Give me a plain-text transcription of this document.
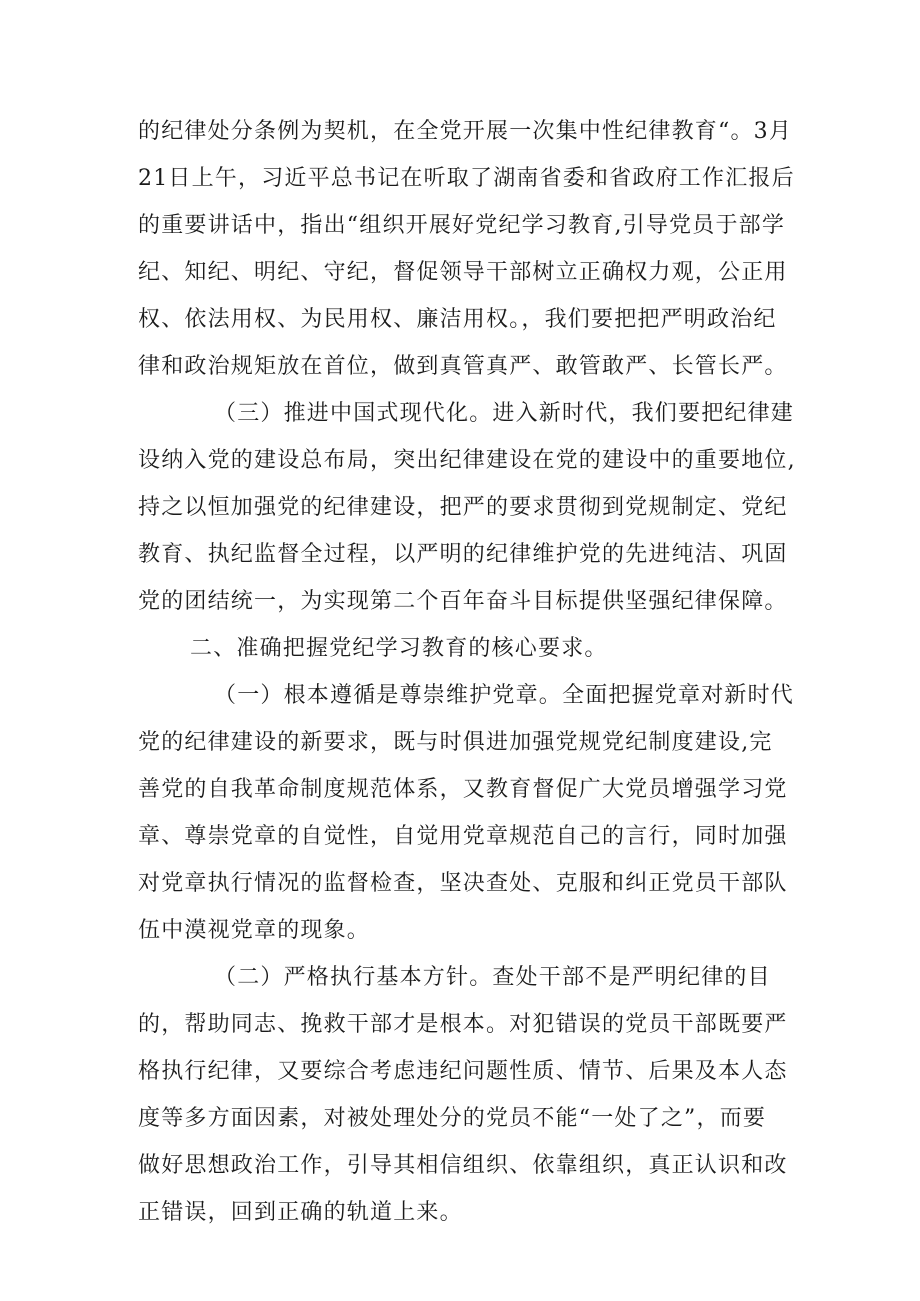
的纪律处分条例为契机，在全党开展一次集中性纪律教育“。3月
21日上午，习近平总书记在听取了湖南省委和省政府工作汇报后
的重要讲话中，指出“组织开展好党纪学习教育,引导党员于部学
纪、知纪、明纪、守纪，督促领导干部树立正确权力观，公正用
权、依法用权、为民用权、廉洁用权。，我们要把把严明政治纪
律和政治规矩放在首位，做到真管真严、敢管敢严、长管长严。
（三）推进中国式现代化。进入新时代，我们要把纪律建
设纳入党的建设总布局，突出纪律建设在党的建设中的重要地位,
持之以恒加强党的纪律建设，把严的要求贯彻到党规制定、党纪
教育、执纪监督全过程，以严明的纪律维护党的先进纯洁、巩固
党的团结统一，为实现第二个百年奋斗目标提供坚强纪律保障。
二、准确把握党纪学习教育的核心要求。
（一）根本遵循是尊崇维护党章。全面把握党章对新时代
党的纪律建设的新要求，既与时俱进加强党规党纪制度建设,完
善党的自我革命制度规范体系，又教育督促广大党员增强学习党
章、尊崇党章的自觉性，自觉用党章规范自己的言行，同时加强
对党章执行情况的监督检查，坚决查处、克服和纠正党员干部队
伍中漠视党章的现象。
（二）严格执行基本方针。查处干部不是严明纪律的目
的，帮助同志、挽救干部才是根本。对犯错误的党员干部既要严
格执行纪律，又要综合考虑违纪问题性质、情节、后果及本人态
度等多方面因素，对被处理处分的党员不能“一处了之”，而要
做好思想政治工作，引导其相信组织、依靠组织，真正认识和改
正错误，回到正确的轨道上来。
